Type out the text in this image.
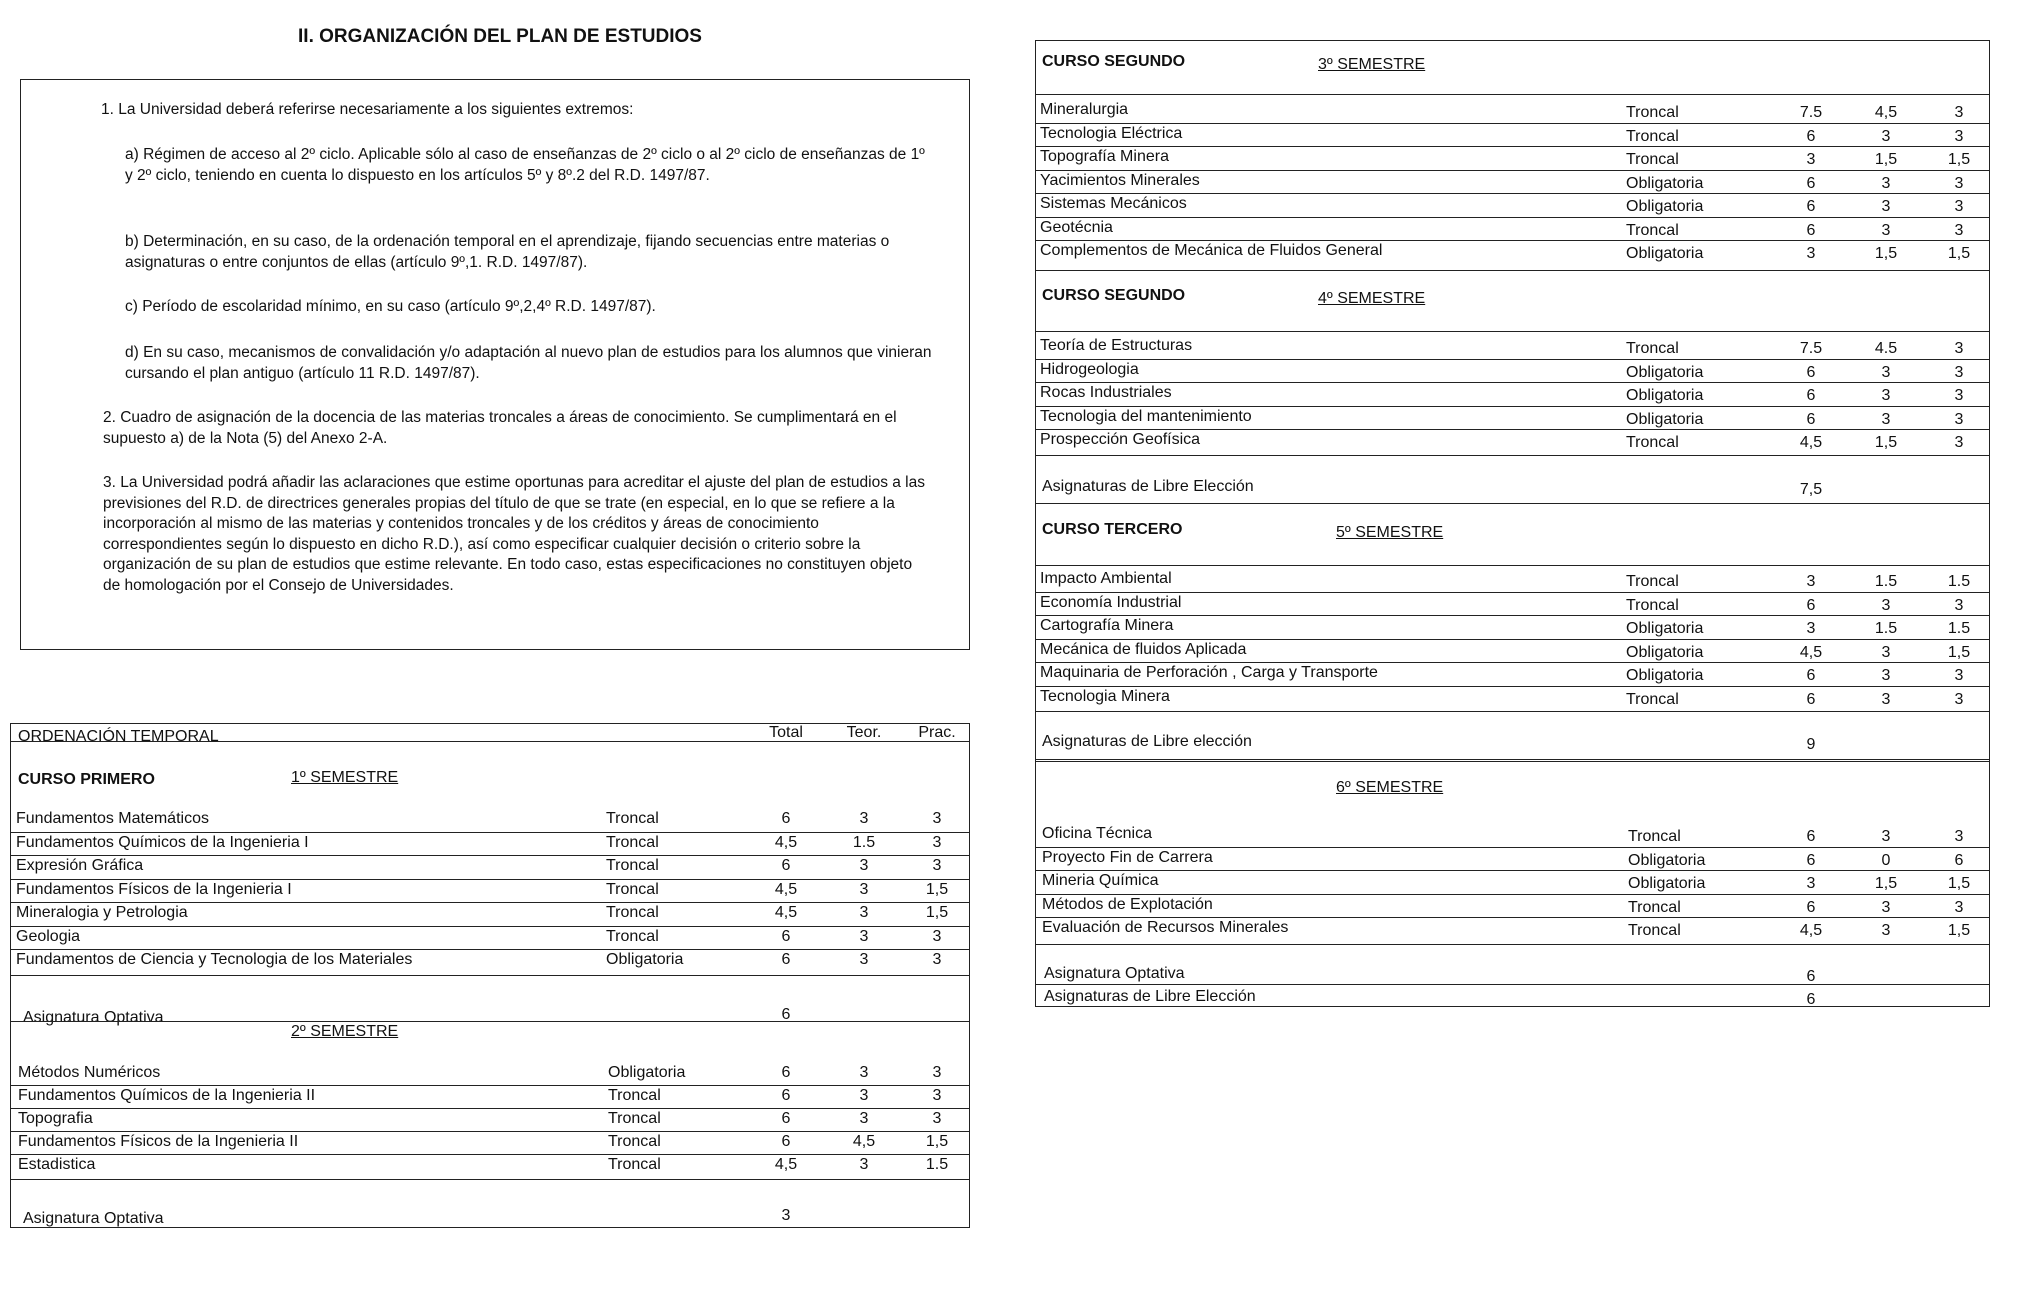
II. ORGANIZACIÓN DEL PLAN DE ESTUDIOS
1. La Universidad deberá referirse necesariamente a los siguientes extremos:
a) Régimen de acceso al 2º ciclo. Aplicable sólo al caso de enseñanzas de 2º ciclo o al 2º ciclo de enseñanzas de 1º y 2º ciclo, teniendo en cuenta lo dispuesto en los artículos 5º y 8º.2 del R.D. 1497/87.
b) Determinación, en su caso, de la ordenación temporal en el aprendizaje, fijando secuencias entre materias o asignaturas o entre conjuntos de ellas (artículo 9º,1. R.D. 1497/87).
c) Período de escolaridad mínimo, en su caso (artículo 9º,2,4º R.D. 1497/87).
d) En su caso, mecanismos de convalidación y/o adaptación al nuevo plan de estudios para los alumnos que vinieran cursando el plan antiguo (artículo 11 R.D. 1497/87).
2. Cuadro de asignación de la docencia de las materias troncales a áreas de conocimiento. Se cumplimentará en el supuesto a) de la Nota (5) del Anexo 2-A.
3. La Universidad podrá añadir las aclaraciones que estime oportunas para acreditar el ajuste del plan de estudios a las previsiones del R.D. de directrices generales propias del título de que se trate (en especial, en lo que se refiere a la incorporación al mismo de las materias y contenidos troncales y de los créditos y áreas de conocimiento correspondientes según lo dispuesto en dicho R.D.), así como especificar cualquier decisión o criterio sobre la organización de su plan de estudios que estime relevante. En todo caso, estas especificaciones no constituyen objeto de homologación por el Consejo de Universidades.
ORDENACIÓN TEMPORAL	Total	Teor.	Prac.
CURSO PRIMERO	1º SEMESTRE
Fundamentos Matemáticos	Troncal	6	3	3
Fundamentos Químicos de la Ingenieria I	Troncal	4,5	1.5	3
Expresión Gráfica	Troncal	6	3	3
Fundamentos Físicos de la Ingenieria I	Troncal	4,5	3	1,5
Mineralogia y Petrologia	Troncal	4,5	3	1,5
Geologia	Troncal	6	3	3
Fundamentos de Ciencia y Tecnologia de los Materiales	Obligatoria	6	3	3
Asignatura Optativa	6
2º SEMESTRE
Métodos Numéricos	Obligatoria	6	3	3
Fundamentos Químicos de la Ingenieria II	Troncal	6	3	3
Topografia	Troncal	6	3	3
Fundamentos Físicos de la Ingenieria II	Troncal	6	4,5	1,5
Estadistica	Troncal	4,5	3	1.5
Asignatura Optativa	3
CURSO SEGUNDO	3º SEMESTRE
Mineralurgia	Troncal	7.5	4,5	3
Tecnologia Eléctrica	Troncal	6	3	3
Topografía Minera	Troncal	3	1,5	1,5
Yacimientos Minerales	Obligatoria	6	3	3
Sistemas Mecánicos	Obligatoria	6	3	3
Geotécnia	Troncal	6	3	3
Complementos de Mecánica de Fluidos General	Obligatoria	3	1,5	1,5
CURSO SEGUNDO	4º SEMESTRE
Teoría de Estructuras	Troncal	7.5	4.5	3
Hidrogeologia	Obligatoria	6	3	3
Rocas Industriales	Obligatoria	6	3	3
Tecnologia del mantenimiento	Obligatoria	6	3	3
Prospección Geofísica	Troncal	4,5	1,5	3
Asignaturas de Libre Elección	7,5
CURSO TERCERO	5º SEMESTRE
Impacto Ambiental	Troncal	3	1.5	1.5
Economía Industrial	Troncal	6	3	3
Cartografía Minera	Obligatoria	3	1.5	1.5
Mecánica de fluidos Aplicada	Obligatoria	4,5	3	1,5
Maquinaria de Perforación , Carga y Transporte	Obligatoria	6	3	3
Tecnologia Minera	Troncal	6	3	3
Asignaturas de Libre elección	9
6º SEMESTRE
Oficina Técnica	Troncal	6	3	3
Proyecto Fin de Carrera	Obligatoria	6	0	6
Mineria Química	Obligatoria	3	1,5	1,5
Métodos de Explotación	Troncal	6	3	3
Evaluación de Recursos Minerales	Troncal	4,5	3	1,5
Asignatura Optativa	6
Asignaturas de Libre Elección	6
